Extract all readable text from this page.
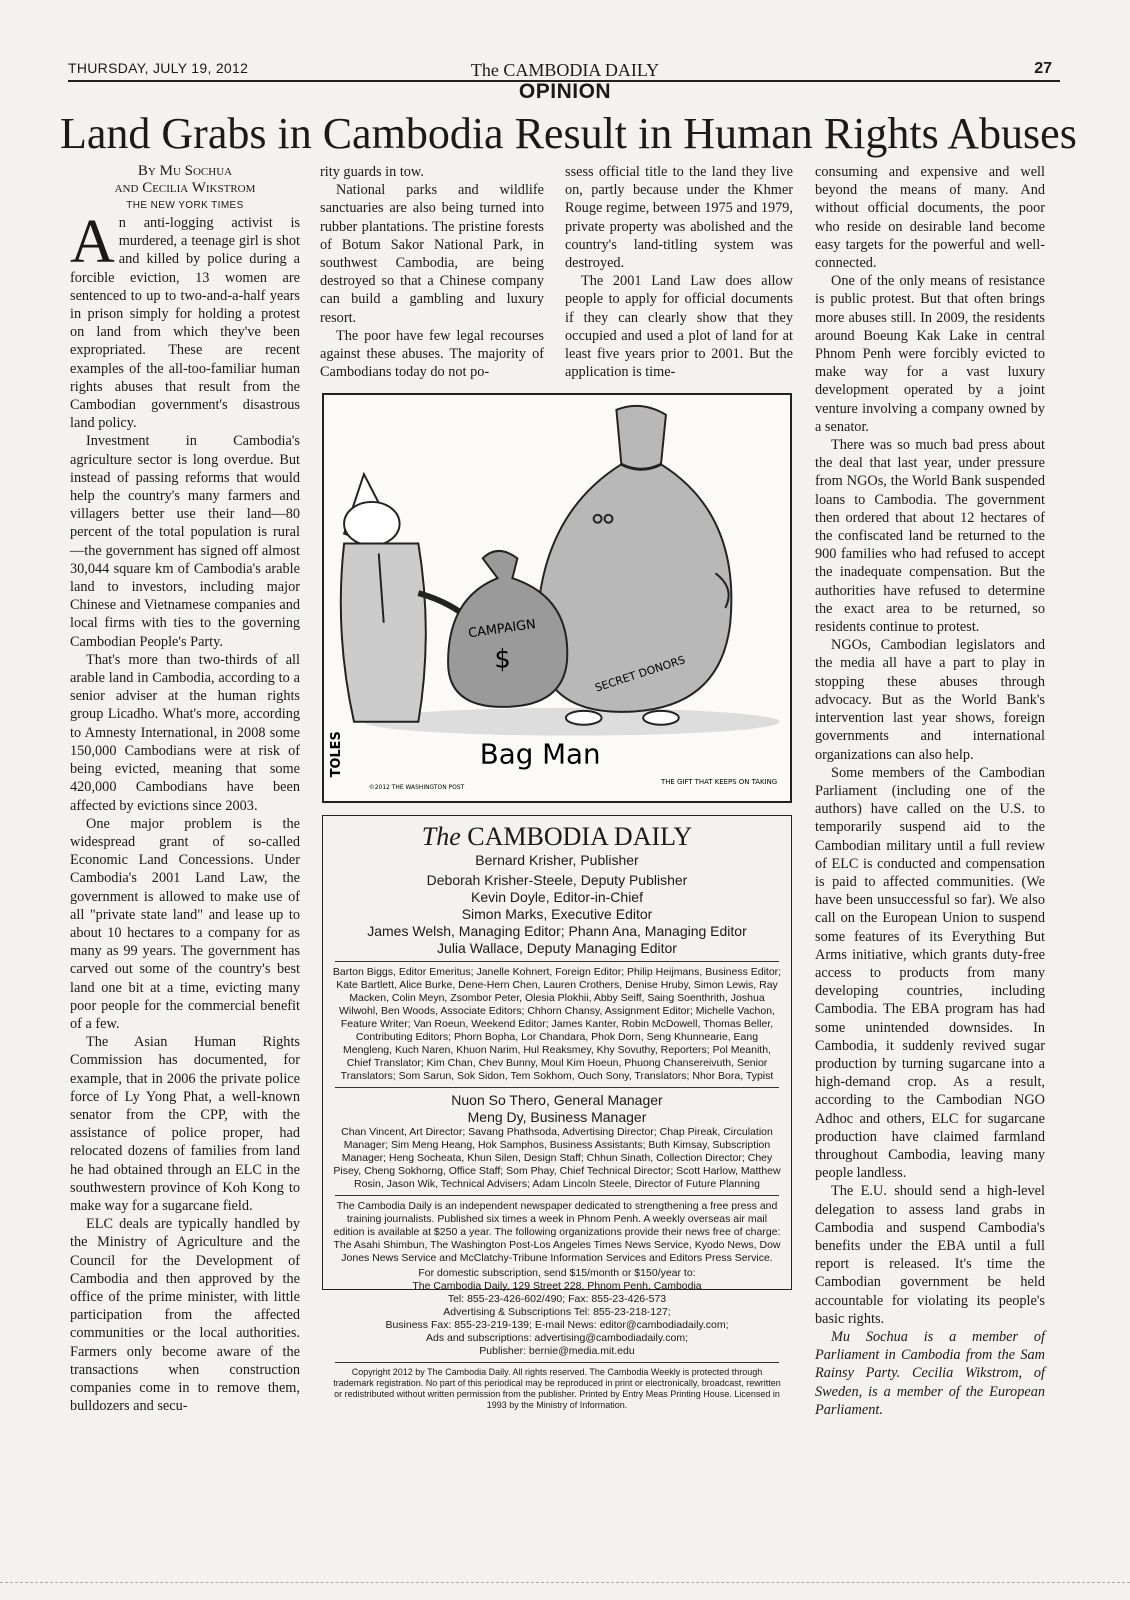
THURSDAY, JULY 19, 2012	The CAMBODIA DAILY	27
OPINION
Land Grabs in Cambodia Result in Human Rights Abuses
By Mu Sochua
and Cecilia Wikstrom
THE NEW YORK TIMES

An anti-logging activist is murdered, a teenage girl is shot and killed by police during a forcible eviction, 13 women are sentenced to up to two-and-a-half years in prison simply for holding a protest on land from which they've been expropriated. These are recent examples of the all-too-familiar human rights abuses that result from the Cambodian government's disastrous land policy.

Investment in Cambodia's agriculture sector is long overdue. But instead of passing reforms that would help the country's many farmers and villagers better use their land—80 percent of the total population is rural—the government has signed off almost 30,044 square km of Cambodia's arable land to investors, including major Chinese and Vietnamese companies and local firms with ties to the governing Cambodian People's Party.

That's more than two-thirds of all arable land in Cambodia, according to a senior adviser at the human rights group Licadho. What's more, according to Amnesty International, in 2008 some 150,000 Cambodians were at risk of being evicted, meaning that some 420,000 Cambodians have been affected by evictions since 2003.

One major problem is the widespread grant of so-called Economic Land Concessions. Under Cambodia's 2001 Land Law, the government is allowed to make use of all "private state land" and lease up to about 10 hectares to a company for as many as 99 years. The government has carved out some of the country's best land one bit at a time, evicting many poor people for the commercial benefit of a few.

The Asian Human Rights Commission has documented, for example, that in 2006 the private police force of Ly Yong Phat, a well-known senator from the CPP, with the assistance of police proper, had relocated dozens of families from land he had obtained through an ELC in the southwestern province of Koh Kong to make way for a sugarcane field.

ELC deals are typically handled by the Ministry of Agriculture and the Council for the Development of Cambodia and then approved by the office of the prime minister, with little participation from the affected communities or the local authorities. Farmers only become aware of the transactions when construction companies come in to remove them, bulldozers and secu-

rity guards in tow.

National parks and wildlife sanctuaries are also being turned into rubber plantations. The pristine forests of Botum Sakor National Park, in southwest Cambodia, are being destroyed so that a Chinese company can build a gambling and luxury resort.

The poor have few legal recourses against these abuses. The majority of Cambodians today do not po-

ssess official title to the land they live on, partly because under the Khmer Rouge regime, between 1975 and 1979, private property was abolished and the country's land-titling system was destroyed.

The 2001 Land Law does allow people to apply for official documents if they can clearly show that they occupied and used a plot of land for at least five years prior to 2001. But the application is time-

consuming and expensive and well beyond the means of many. And without official documents, the poor who reside on desirable land become easy targets for the powerful and well-connected.

One of the only means of resistance is public protest. But that often brings more abuses still. In 2009, the residents around Boeung Kak Lake in central Phnom Penh were forcibly evicted to make way for a vast luxury development operated by a joint venture involving a company owned by a senator.

There was so much bad press about the deal that last year, under pressure from NGOs, the World Bank suspended loans to Cambodia. The government then ordered that about 12 hectares of the confiscated land be returned to the 900 families who had refused to accept the inadequate compensation. But the authorities have refused to determine the exact area to be returned, so residents continue to protest.

NGOs, Cambodian legislators and the media all have a part to play in stopping these abuses through advocacy. But as the World Bank's intervention last year shows, foreign governments and international organizations can also help.

Some members of the Cambodian Parliament (including one of the authors) have called on the U.S. to temporarily suspend aid to the Cambodian military until a full review of ELC is conducted and compensation is paid to affected communities. (We have been unsuccessful so far). We also call on the European Union to suspend some features of its Everything But Arms initiative, which grants duty-free access to products from many developing countries, including Cambodia. The EBA program has had some unintended downsides. In Cambodia, it suddenly revived sugar production by turning sugarcane into a high-demand crop. As a result, according to the Cambodian NGO Adhoc and others, ELC for sugarcane production have claimed farmland throughout Cambodia, leaving many people landless.

The E.U. should send a high-level delegation to assess land grabs in Cambodia and suspend Cambodia's benefits under the EBA until a full report is released. It's time the Cambodian government be held accountable for violating its people's basic rights.

Mu Sochua is a member of Parliament in Cambodia from the Sam Rainsy Party. Cecilia Wikstrom, of Sweden, is a member of the European Parliament.

CAMPAIGN
$	SECRET DONORS
Bag Man
TOLES
©2012 THE WASHINGTON POST
THE GIFT THAT KEEPS ON TAKING
The CAMBODIA DAILY
Bernard Krisher, Publisher
Deborah Krisher-Steele, Deputy Publisher
Kevin Doyle, Editor-in-Chief
Simon Marks, Executive Editor
James Welsh, Managing Editor; Phann Ana, Managing Editor
Julia Wallace, Deputy Managing Editor
Barton Biggs, Editor Emeritus; Janelle Kohnert, Foreign Editor; Philip Heijmans, Business Editor; Kate Bartlett, Alice Burke, Dene-Hern Chen, Lauren Crothers, Denise Hruby, Simon Lewis, Ray Macken, Colin Meyn, Zsombor Peter, Olesia Plokhii, Abby Seiff, Saing Soenthrith, Joshua Wilwohl, Ben Woods, Associate Editors; Chhorn Chansy, Assignment Editor; Michelle Vachon, Feature Writer; Van Roeun, Weekend Editor; James Kanter, Robin McDowell, Thomas Beller, Contributing Editors; Phorn Bopha, Lor Chandara, Phok Dorn, Seng Khunnearie, Eang Mengleng, Kuch Naren, Khuon Narim, Hul Reaksmey, Khy Sovuthy, Reporters; Pol Meanith, Chief Translator; Kim Chan, Chev Bunny, Moul Kim Hoeun, Phuong Chansereivuth, Senior Translators; Som Sarun, Sok Sidon, Tem Sokhom, Ouch Sony, Translators; Nhor Bora, Typist
Nuon So Thero, General Manager
Meng Dy, Business Manager
Chan Vincent, Art Director; Savang Phathsoda, Advertising Director; Chap Pireak, Circulation Manager; Sim Meng Heang, Hok Samphos, Business Assistants; Buth Kimsay, Subscription Manager; Heng Socheata, Khun Silen, Design Staff; Chhun Sinath, Collection Director; Chey Pisey, Cheng Sokhorng, Office Staff; Som Phay, Chief Technical Director; Scott Harlow, Matthew Rosin, Jason Wik, Technical Advisers; Adam Lincoln Steele, Director of Future Planning
The Cambodia Daily is an independent newspaper dedicated to strengthening a free press and training journalists. Published six times a week in Phnom Penh. A weekly overseas air mail edition is available at $250 a year. The following organizations provide their news free of charge: The Asahi Shimbun, The Washington Post-Los Angeles Times News Service, Kyodo News, Dow Jones News Service and McClatchy-Tribune Information Services and Editors Press Service.
For domestic subscription, send $15/month or $150/year to:
The Cambodia Daily, 129 Street 228, Phnom Penh, Cambodia
Tel: 855-23-426-602/490; Fax: 855-23-426-573
Advertising & Subscriptions Tel: 855-23-218-127;
Business Fax: 855-23-219-139; E-mail News: editor@cambodiadaily.com;
Ads and subscriptions: advertising@cambodiadaily.com;
Publisher: bernie@media.mit.edu
Copyright 2012 by The Cambodia Daily. All rights reserved. The Cambodia Weekly is protected through trademark registration. No part of this periodical may be reproduced in print or electronically, broadcast, rewritten or redistributed without written permission from the publisher. Printed by Entry Meas Printing House. Licensed in 1993 by the Ministry of Information.
